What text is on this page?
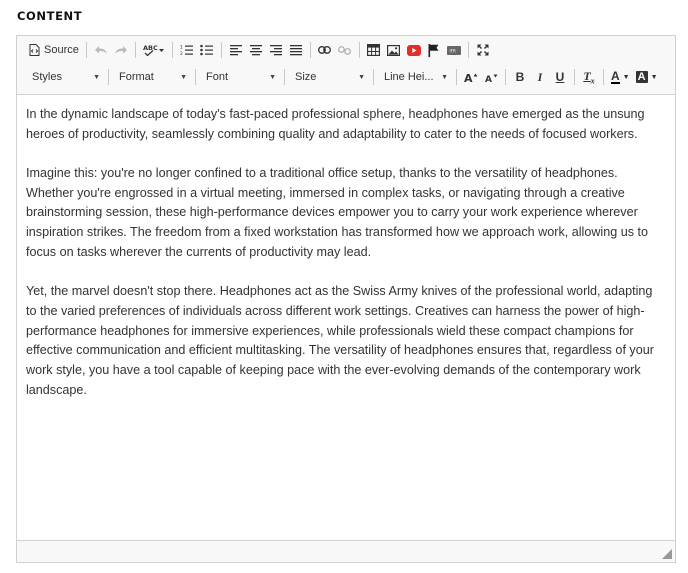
CONTENT
Source	ABC	1
2
IFR
Styles	▼ Format	▼ Font	▼ Size	▼ Line Hei... ▼ A A B I U $T_x$ A ▼ A ▼

In the dynamic landscape of today's fast-paced professional sphere, headphones have emerged as the unsung heroes of productivity, seamlessly combining quality and adaptability to cater to the needs of focused workers.

Imagine this: you're no longer confined to a traditional office setup, thanks to the versatility of headphones. Whether you're engrossed in a virtual meeting, immersed in complex tasks, or navigating through a creative brainstorming session, these high-performance devices empower you to carry your work experience wherever inspiration strikes. The freedom from a fixed workstation has transformed how we approach work, allowing us to focus on tasks wherever the currents of productivity may lead.

Yet, the marvel doesn't stop there. Headphones act as the Swiss Army knives of the professional world, adapting to the varied preferences of individuals across different work settings. Creatives can harness the power of high-performance headphones for immersive experiences, while professionals wield these compact champions for effective communication and efficient multitasking. The versatility of headphones ensures that, regardless of your work style, you have a tool capable of keeping pace with the ever-evolving demands of the contemporary work landscape.
